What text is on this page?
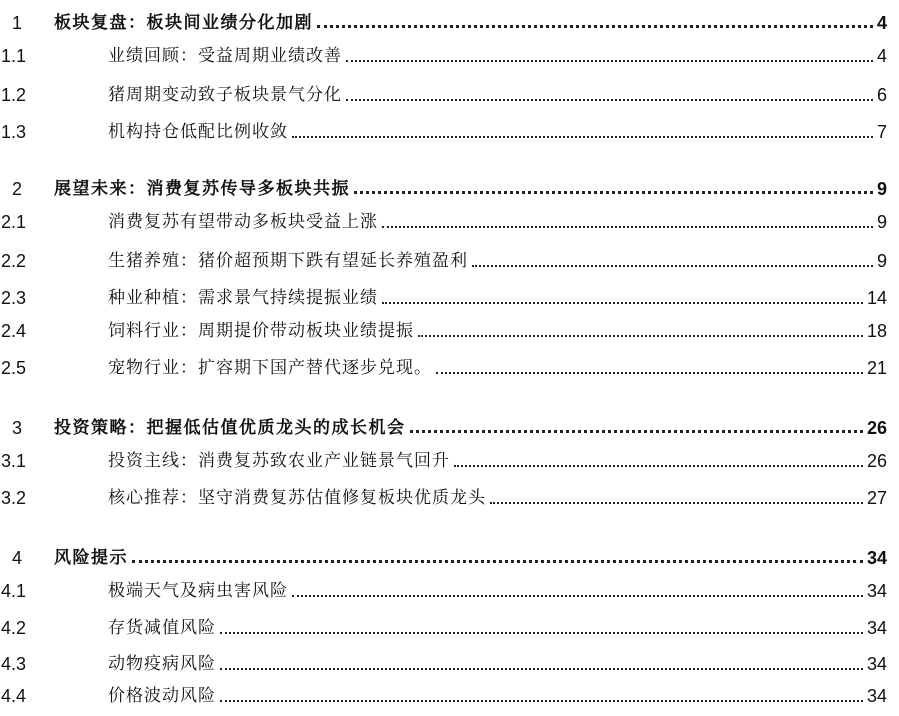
1 板块复盘：板块间业绩分化加剧	4
1.1	业绩回顾：受益周期业绩改善	4
1.2	猪周期变动致子板块景气分化	6
1.3	机构持仓低配比例收敛	7
2 展望未来：消费复苏传导多板块共振	9
2.1	消费复苏有望带动多板块受益上涨	9
2.2	生猪养殖：猪价超预期下跌有望延长养殖盈利	9
2.3	种业种植：需求景气持续提振业绩	14
2.4	饲料行业：周期提价带动板块业绩提振	18
2.5	宠物行业：扩容期下国产替代逐步兑现。	21
3 投资策略：把握低估值优质龙头的成长机会	26
3.1	投资主线：消费复苏致农业产业链景气回升	26
3.2	核心推荐：坚守消费复苏估值修复板块优质龙头	27
4 风险提示	34
4.1	极端天气及病虫害风险	34
4.2	存货减值风险	34
4.3	动物疫病风险	34
4.4	价格波动风险	34
